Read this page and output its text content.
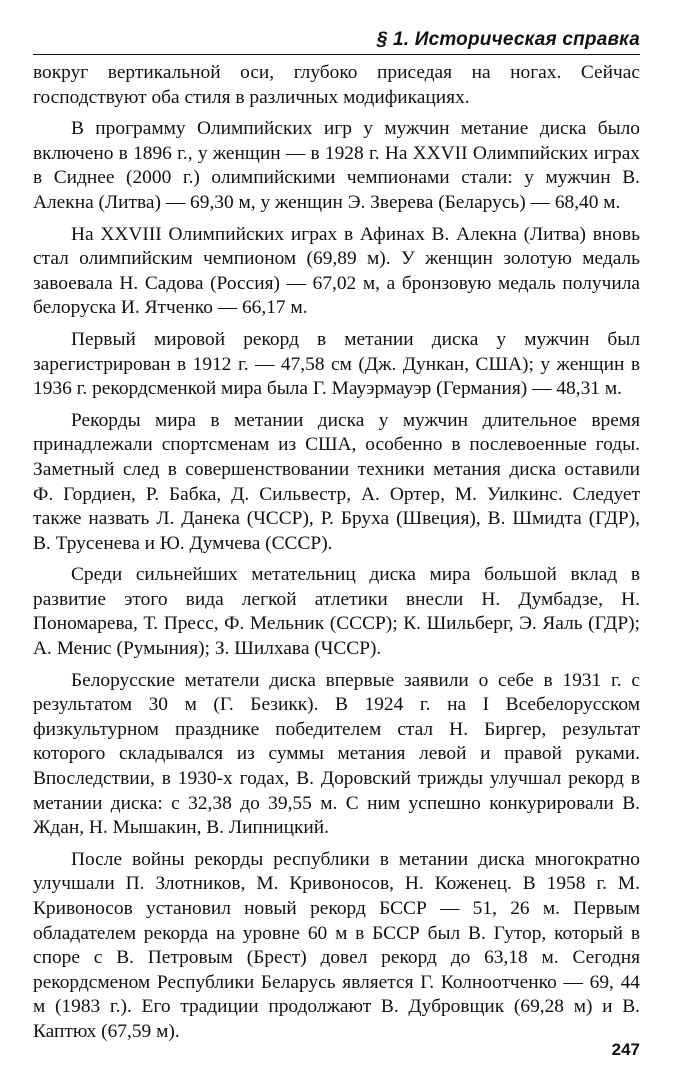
§ 1. Историческая справка

вокруг вертикальной оси, глубоко приседая на ногах. Сейчас господствуют оба стиля в различных модификациях.

В программу Олимпийских игр у мужчин метание диска было включено в 1896 г., у женщин — в 1928 г. На XXVII Олимпийских играх в Сиднее (2000 г.) олимпийскими чемпионами стали: у мужчин В. Алекна (Литва) — 69,30 м, у женщин Э. Зверева (Беларусь) — 68,40 м.

На XXVIII Олимпийских играх в Афинах В. Алекна (Литва) вновь стал олимпийским чемпионом (69,89 м). У женщин золотую медаль завоевала Н. Садова (Россия) — 67,02 м, а бронзовую медаль получила белоруска И. Ятченко — 66,17 м.

Первый мировой рекорд в метании диска у мужчин был зарегистрирован в 1912 г. — 47,58 см (Дж. Дункан, США); у женщин в 1936 г. рекордсменкой мира была Г. Мауэрмауэр (Германия) — 48,31 м.

Рекорды мира в метании диска у мужчин длительное время принадлежали спортсменам из США, особенно в послевоенные годы. Заметный след в совершенствовании техники метания диска оставили Ф. Гордиен, Р. Бабка, Д. Сильвестр, А. Ортер, М. Уилкинс. Следует также назвать Л. Данека (ЧССР), Р. Бруха (Швеция), В. Шмидта (ГДР), В. Трусенева и Ю. Думчева (СССР).

Среди сильнейших метательниц диска мира большой вклад в развитие этого вида легкой атлетики внесли Н. Думбадзе, Н. Пономарева, Т. Пресс, Ф. Мельник (СССР); К. Шильберг, Э. Яаль (ГДР); А. Менис (Румыния); З. Шилхава (ЧССР).

Белорусские метатели диска впервые заявили о себе в 1931 г. с результатом 30 м (Г. Безикк). В 1924 г. на I Всебелорусском физкультурном празднике победителем стал Н. Биргер, результат которого складывался из суммы метания левой и правой руками. Впоследствии, в 1930-х годах, В. Доровский трижды улучшал рекорд в метании диска: с 32,38 до 39,55 м. С ним успешно конкурировали В. Ждан, Н. Мышакин, В. Липницкий.

После войны рекорды республики в метании диска многократно улучшали П. Злотников, М. Кривоносов, Н. Коженец. В 1958 г. М. Кривоносов установил новый рекорд БССР — 51, 26 м. Первым обладателем рекорда на уровне 60 м в БССР был В. Гутор, который в споре с В. Петровым (Брест) довел рекорд до 63,18 м. Сегодня рекордсменом Республики Беларусь является Г. Колноотченко — 69, 44 м (1983 г.). Его традиции продолжают В. Дубровщик (69,28 м) и В. Каптюх (67,59 м).

247
